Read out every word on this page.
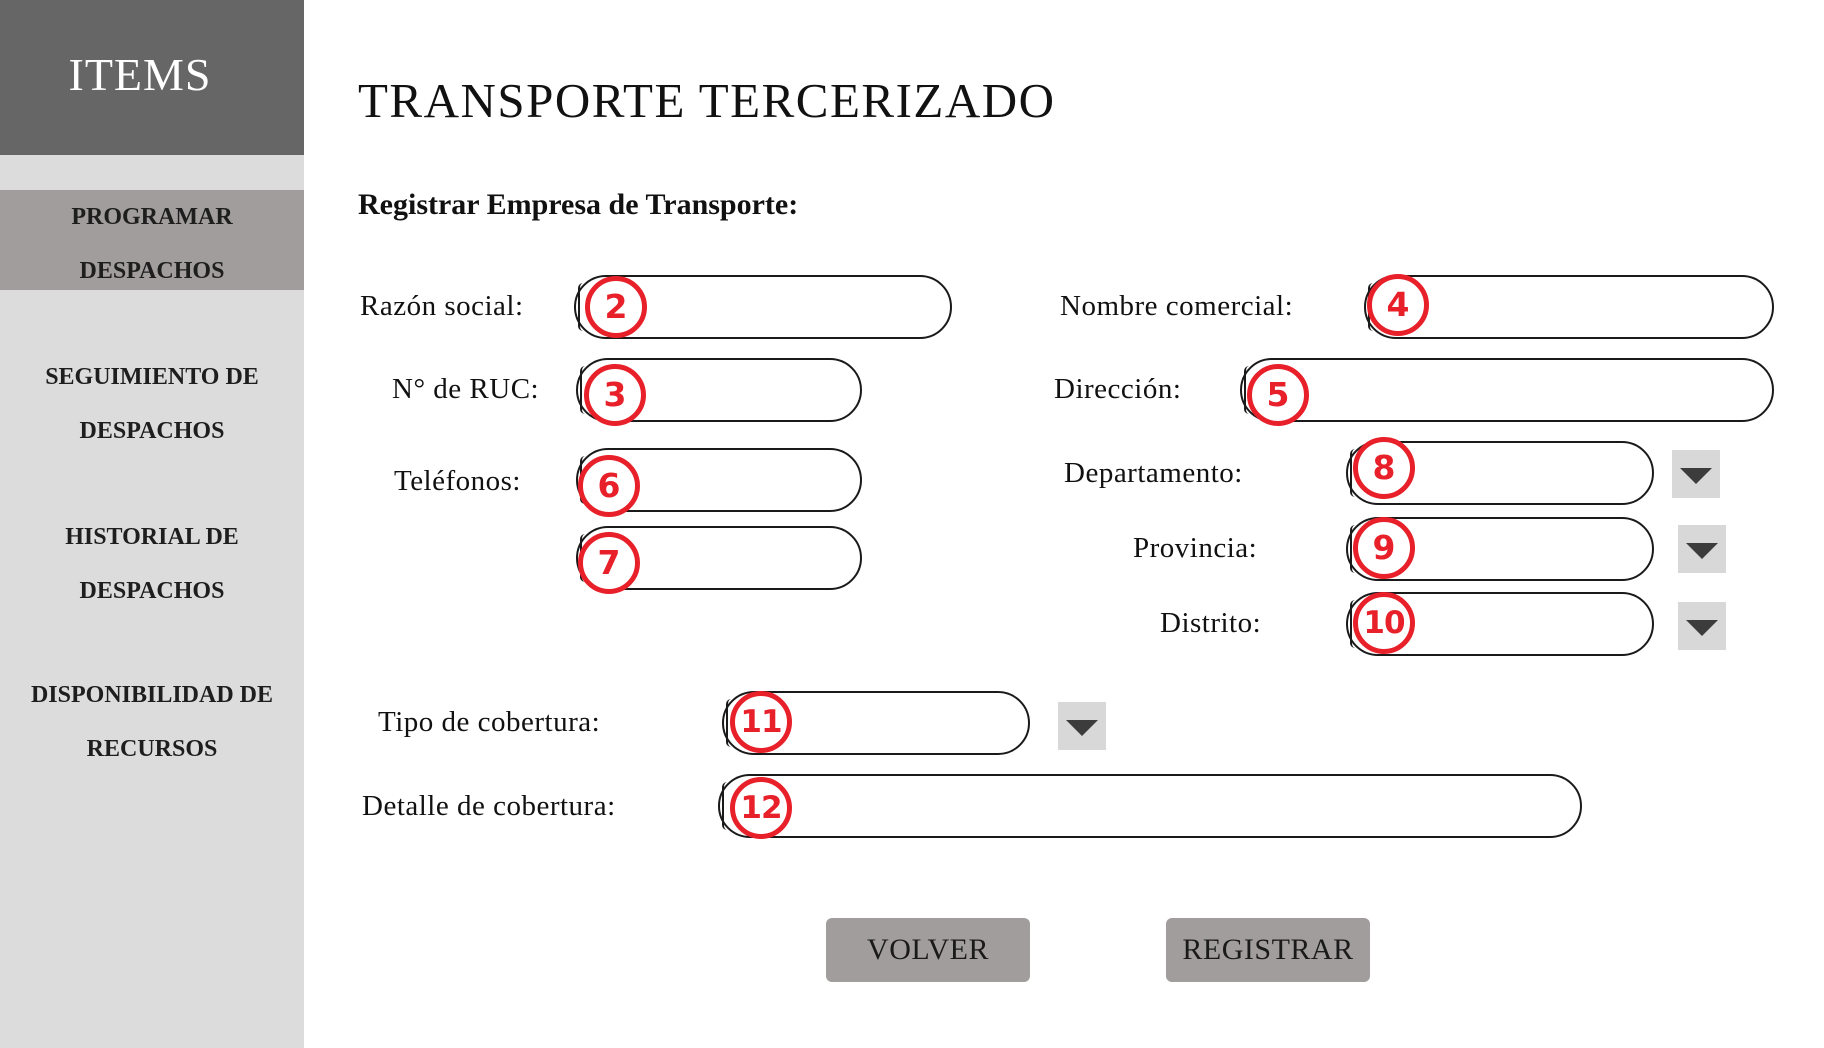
ITEMS
PROGRAMAR
DESPACHOS
SEGUIMIENTO DE
DESPACHOS
HISTORIAL DE
DESPACHOS
DISPONIBILIDAD DE
RECURSOS
TRANSPORTE TERCERIZADO
Registrar Empresa de Transporte:
Razón social:	2
N° de RUC:	3
Teléfonos:	6
7
Nombre comercial:	4
Dirección:	5
Departamento:	8
Provincia:	9
Distrito:	10
Tipo de cobertura:	11
Detalle de cobertura:	12
VOLVER	REGISTRAR
